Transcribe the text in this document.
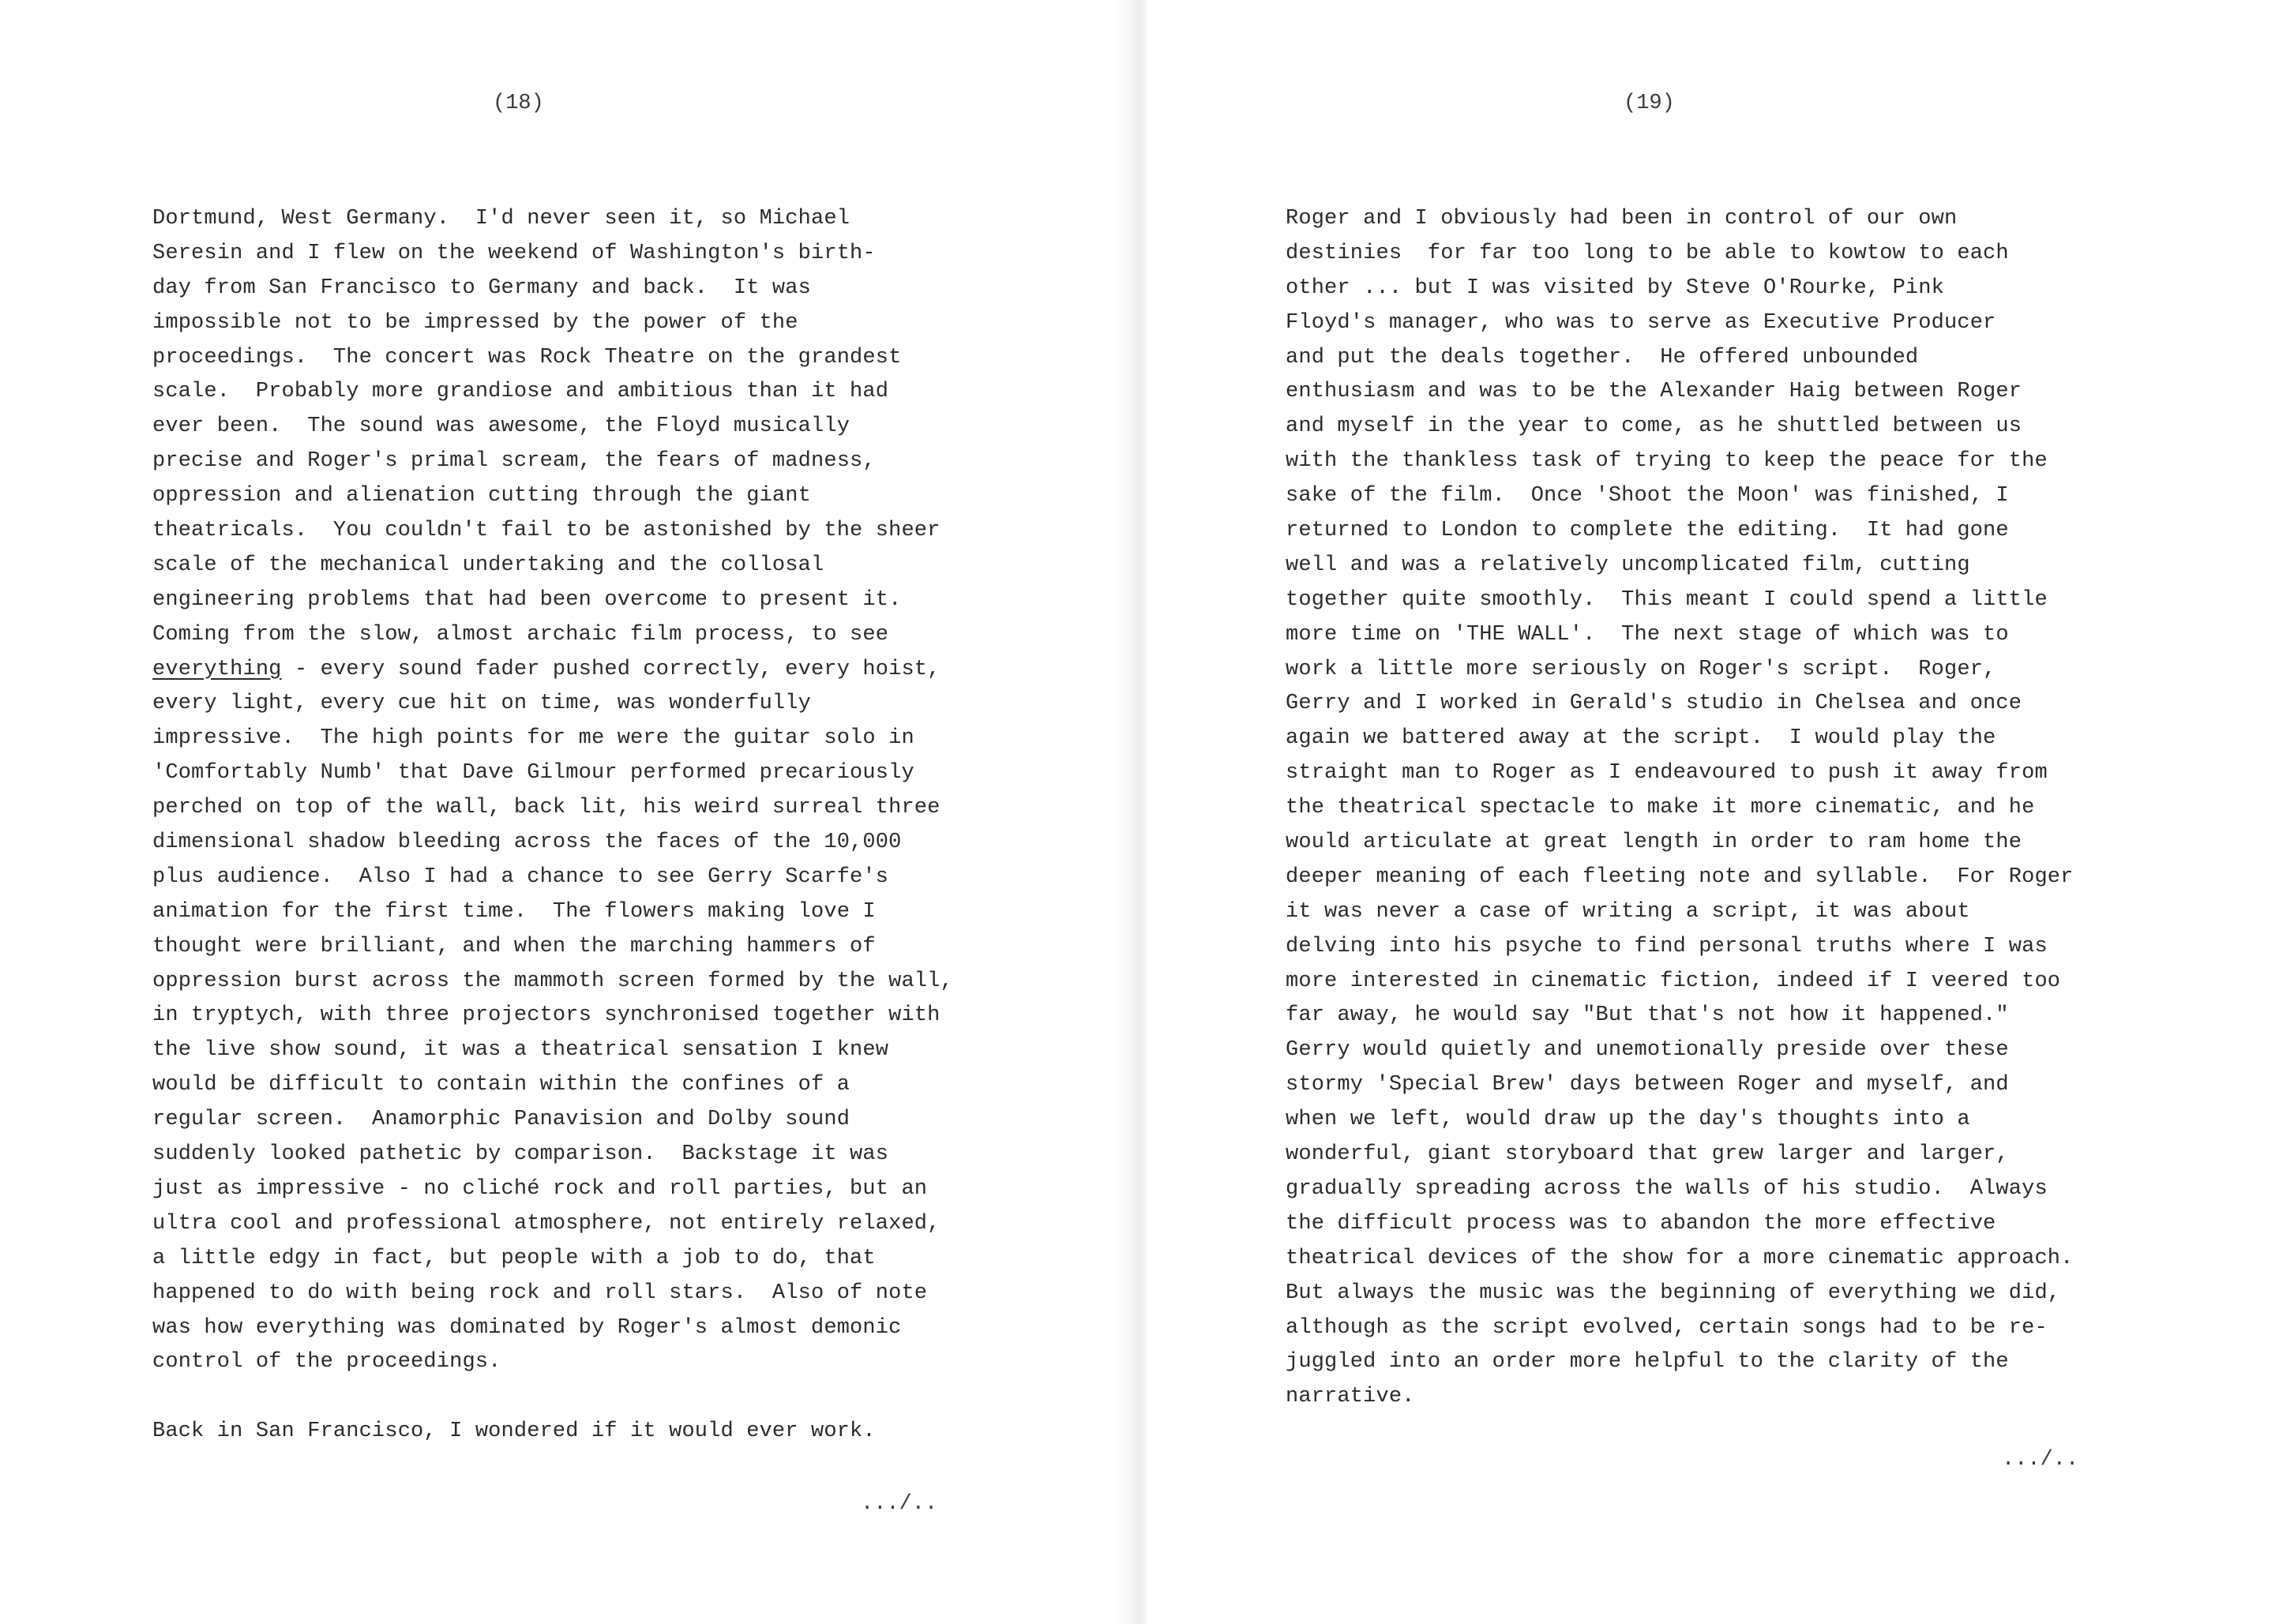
(18)
Dortmund, West Germany.  I'd never seen it, so Michael
Seresin and I flew on the weekend of Washington's birth-
day from San Francisco to Germany and back.  It was
impossible not to be impressed by the power of the
proceedings.  The concert was Rock Theatre on the grandest
scale.  Probably more grandiose and ambitious than it had
ever been.  The sound was awesome, the Floyd musically
precise and Roger's primal scream, the fears of madness,
oppression and alienation cutting through the giant
theatricals.  You couldn't fail to be astonished by the sheer
scale of the mechanical undertaking and the collosal
engineering problems that had been overcome to present it.
Coming from the slow, almost archaic film process, to see
everything - every sound fader pushed correctly, every hoist,
every light, every cue hit on time, was wonderfully
impressive.  The high points for me were the guitar solo in
'Comfortably Numb' that Dave Gilmour performed precariously
perched on top of the wall, back lit, his weird surreal three
dimensional shadow bleeding across the faces of the 10,000
plus audience.  Also I had a chance to see Gerry Scarfe's
animation for the first time.  The flowers making love I
thought were brilliant, and when the marching hammers of
oppression burst across the mammoth screen formed by the wall,
in tryptych, with three projectors synchronised together with
the live show sound, it was a theatrical sensation I knew
would be difficult to contain within the confines of a
regular screen.  Anamorphic Panavision and Dolby sound
suddenly looked pathetic by comparison.  Backstage it was
just as impressive - no cliché rock and roll parties, but an
ultra cool and professional atmosphere, not entirely relaxed,
a little edgy in fact, but people with a job to do, that
happened to do with being rock and roll stars.  Also of note
was how everything was dominated by Roger's almost demonic
control of the proceedings.
Back in San Francisco, I wondered if it would ever work.
.../..
(19)
Roger and I obviously had been in control of our own
destinies  for far too long to be able to kowtow to each
other ... but I was visited by Steve O'Rourke, Pink
Floyd's manager, who was to serve as Executive Producer
and put the deals together.  He offered unbounded
enthusiasm and was to be the Alexander Haig between Roger
and myself in the year to come, as he shuttled between us
with the thankless task of trying to keep the peace for the
sake of the film.  Once 'Shoot the Moon' was finished, I
returned to London to complete the editing.  It had gone
well and was a relatively uncomplicated film, cutting
together quite smoothly.  This meant I could spend a little
more time on 'THE WALL'.  The next stage of which was to
work a little more seriously on Roger's script.  Roger,
Gerry and I worked in Gerald's studio in Chelsea and once
again we battered away at the script.  I would play the
straight man to Roger as I endeavoured to push it away from
the theatrical spectacle to make it more cinematic, and he
would articulate at great length in order to ram home the
deeper meaning of each fleeting note and syllable.  For Roger
it was never a case of writing a script, it was about
delving into his psyche to find personal truths where I was
more interested in cinematic fiction, indeed if I veered too
far away, he would say "But that's not how it happened."
Gerry would quietly and unemotionally preside over these
stormy 'Special Brew' days between Roger and myself, and
when we left, would draw up the day's thoughts into a
wonderful, giant storyboard that grew larger and larger,
gradually spreading across the walls of his studio.  Always
the difficult process was to abandon the more effective
theatrical devices of the show for a more cinematic approach.
But always the music was the beginning of everything we did,
although as the script evolved, certain songs had to be re-
juggled into an order more helpful to the clarity of the
narrative.
.../..
